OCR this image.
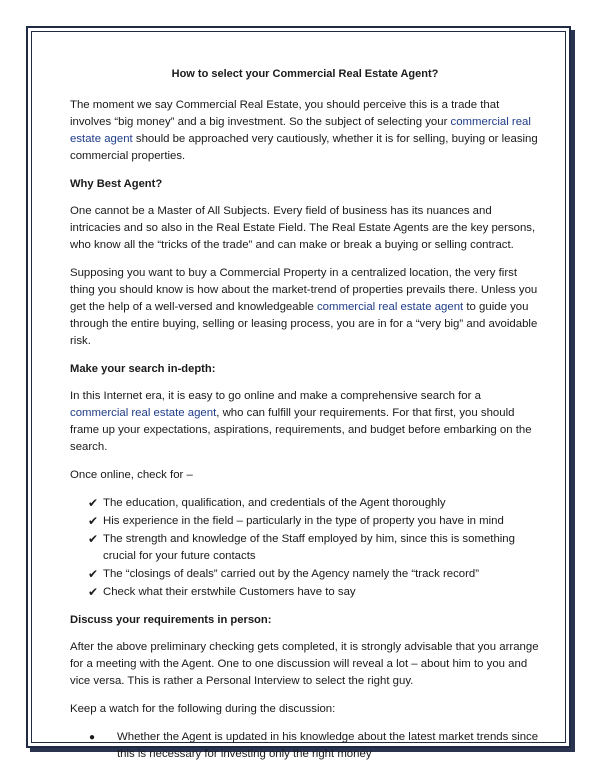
How to select your Commercial Real Estate Agent?

The moment we say Commercial Real Estate, you should perceive this is a trade that involves “big money” and a big investment. So the subject of selecting your commercial real estate agent should be approached very cautiously, whether it is for selling, buying or leasing commercial properties.

Why Best Agent?

One cannot be a Master of All Subjects. Every field of business has its nuances and intricacies and so also in the Real Estate Field. The Real Estate Agents are the key persons, who know all the “tricks of the trade” and can make or break a buying or selling contract.

Supposing you want to buy a Commercial Property in a centralized location, the very first thing you should know is how about the market-trend of properties prevails there. Unless you get the help of a well-versed and knowledgeable commercial real estate agent to guide you through the entire buying, selling or leasing process, you are in for a “very big” and avoidable risk.

Make your search in-depth:

In this Internet era, it is easy to go online and make a comprehensive search for a commercial real estate agent, who can fulfill your requirements. For that first, you should frame up your expectations, aspirations, requirements, and budget before embarking on the search.

Once online, check for –

✔ The education, qualification, and credentials of the Agent thoroughly
✔ His experience in the field – particularly in the type of property you have in mind
✔ The strength and knowledge of the Staff employed by him, since this is something crucial for your future contacts
✔ The “closings of deals” carried out by the Agency namely the “track record”
✔ Check what their erstwhile Customers have to say
Discuss your requirements in person:

After the above preliminary checking gets completed, it is strongly advisable that you arrange for a meeting with the Agent. One to one discussion will reveal a lot – about him to you and vice versa. This is rather a Personal Interview to select the right guy.

Keep a watch for the following during the discussion:

●	Whether the Agent is updated in his knowledge about the latest market trends since this is necessary for investing only the right money
